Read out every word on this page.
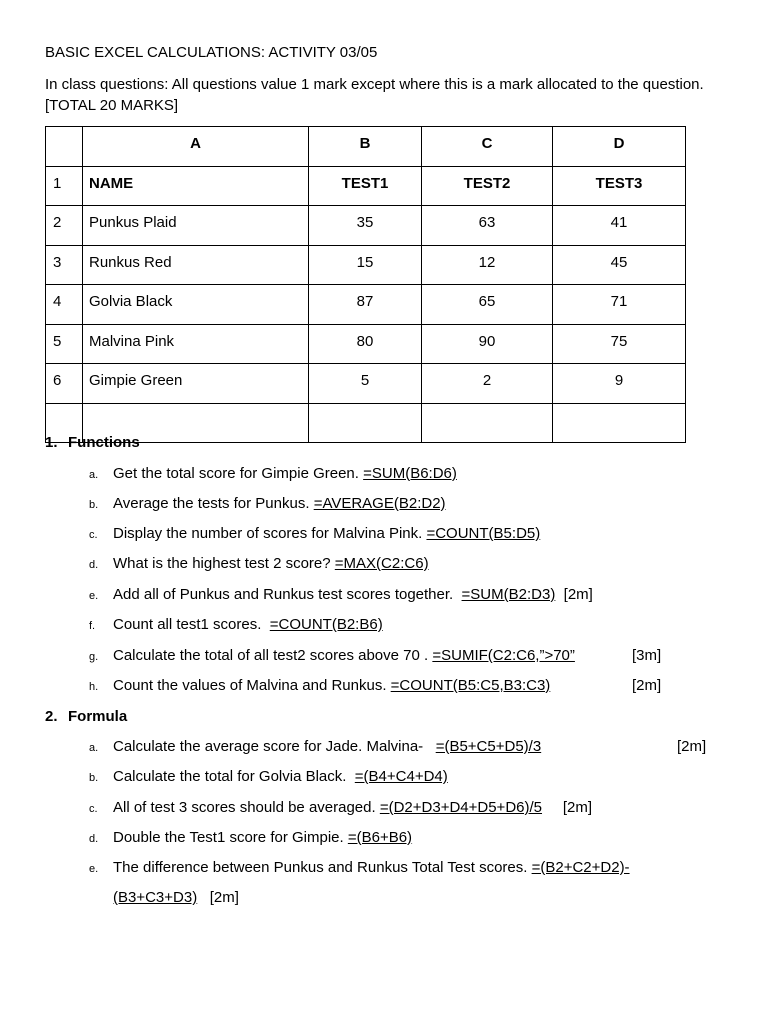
BASIC EXCEL CALCULATIONS: ACTIVITY 03/05
In class questions: All questions value 1 mark except where this is a mark allocated to the question. [TOTAL 20 MARKS]
	A	B	C	D
1	NAME	TEST1	TEST2	TEST3
2	Punkus Plaid	35	63	41
3	Runkus Red	15	12	45
4	Golvia Black	87	65	71
5	Malvina Pink	80	90	75
6	Gimpie Green	5	2	9

1. Functions
a. Get the total score for Gimpie Green. =SUM(B6:D6)
b. Average the tests for Punkus. =AVERAGE(B2:D2)
c. Display the number of scores for Malvina Pink. =COUNT(B5:D5)
d. What is the highest test 2 score? =MAX(C2:C6)
e. Add all of Punkus and Runkus test scores together. =SUM(B2:D3) [2m]
f. Count all test1 scores. =COUNT(B2:B6)
g. Calculate the total of all test2 scores above 70 . =SUMIF(C2:C6,”>70”	[3m]
h. Count the values of Malvina and Runkus. =COUNT(B5:C5,B3:C3)	[2m]
2. Formula
a. Calculate the average score for Jade. Malvina- =(B5+C5+D5)/3	[2m]
b. Calculate the total for Golvia Black. =(B4+C4+D4)
c. All of test 3 scores should be averaged. =(D2+D3+D4+D5+D6)/5 [2m]
d. Double the Test1 score for Gimpie. =(B6+B6)
e. The difference between Punkus and Runkus Total Test scores. =(B2+C2+D2)-
(B3+C3+D3) [2m]
